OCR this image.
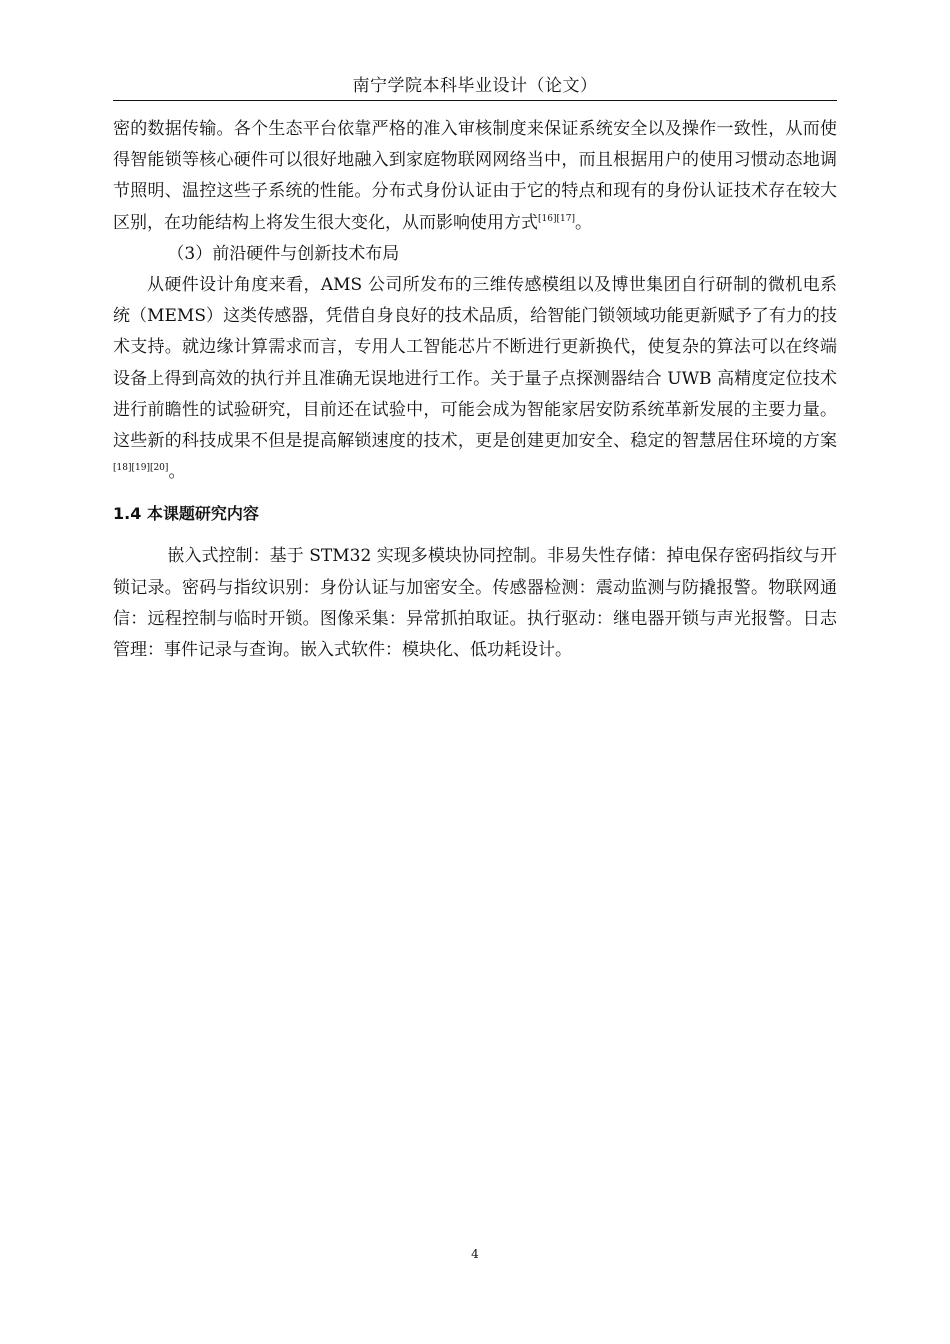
南宁学院本科毕业设计（论文）

密的数据传输。各个生态平台依靠严格的准入审核制度来保证系统安全以及操作一致性，从而使得智能锁等核心硬件可以很好地融入到家庭物联网网络当中，而且根据用户的使用习惯动态地调节照明、温控这些子系统的性能。分布式身份认证由于它的特点和现有的身份认证技术存在较大区别，在功能结构上将发生很大变化，从而影响使用方式[16][17]。

（3）前沿硬件与创新技术布局

从硬件设计角度来看，AMS 公司所发布的三维传感模组以及博世集团自行研制的微机电系统（MEMS）这类传感器，凭借自身良好的技术品质，给智能门锁领域功能更新赋予了有力的技术支持。就边缘计算需求而言，专用人工智能芯片不断进行更新换代，使复杂的算法可以在终端设备上得到高效的执行并且准确无误地进行工作。关于量子点探测器结合 UWB 高精度定位技术进行前瞻性的试验研究，目前还在试验中，可能会成为智能家居安防系统革新发展的主要力量。这些新的科技成果不但是提高解锁速度的技术，更是创建更加安全、稳定的智慧居住环境的方案[18][19][20]。

1.4 本课题研究内容

嵌入式控制：基于 STM32 实现多模块协同控制。非易失性存储：掉电保存密码指纹与开锁记录。密码与指纹识别：身份认证与加密安全。传感器检测：震动监测与防撬报警。物联网通信：远程控制与临时开锁。图像采集：异常抓拍取证。执行驱动：继电器开锁与声光报警。日志管理：事件记录与查询。嵌入式软件：模块化、低功耗设计。

4
